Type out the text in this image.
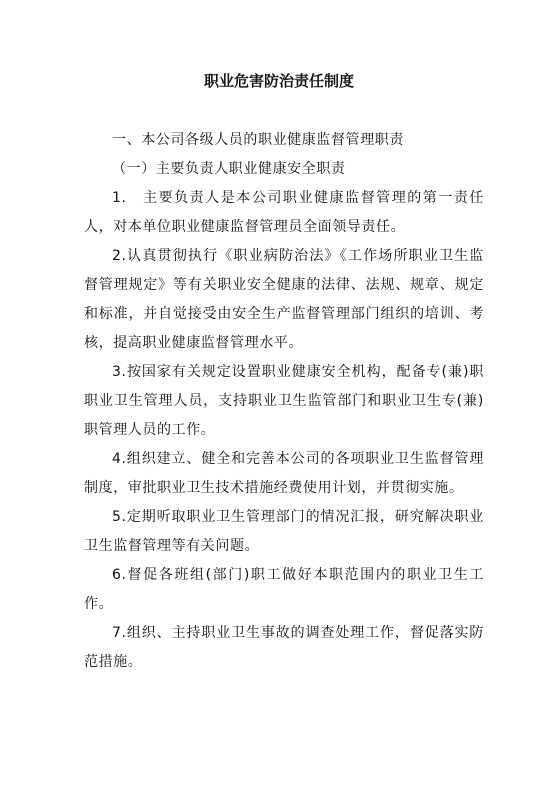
职业危害防治责任制度

一、本公司各级人员的职业健康监督管理职责

（一）主要负责人职业健康安全职责

1.　主要负责人是本公司职业健康监督管理的第一责任人，对本单位职业健康监督管理员全面领导责任。

2.认真贯彻执行《职业病防治法》《工作场所职业卫生监督管理规定》等有关职业安全健康的法律、法规、规章、规定和标准，并自觉接受由安全生产监督管理部门组织的培训、考核，提高职业健康监督管理水平。

3.按国家有关规定设置职业健康安全机构，配备专(兼)职职业卫生管理人员，支持职业卫生监管部门和职业卫生专(兼)职管理人员的工作。

4.组织建立、健全和完善本公司的各项职业卫生监督管理制度，审批职业卫生技术措施经费使用计划，并贯彻实施。

5.定期听取职业卫生管理部门的情况汇报，研究解决职业卫生监督管理等有关问题。

6.督促各班组(部门)职工做好本职范围内的职业卫生工作。

7.组织、主持职业卫生事故的调查处理工作，督促落实防范措施。
